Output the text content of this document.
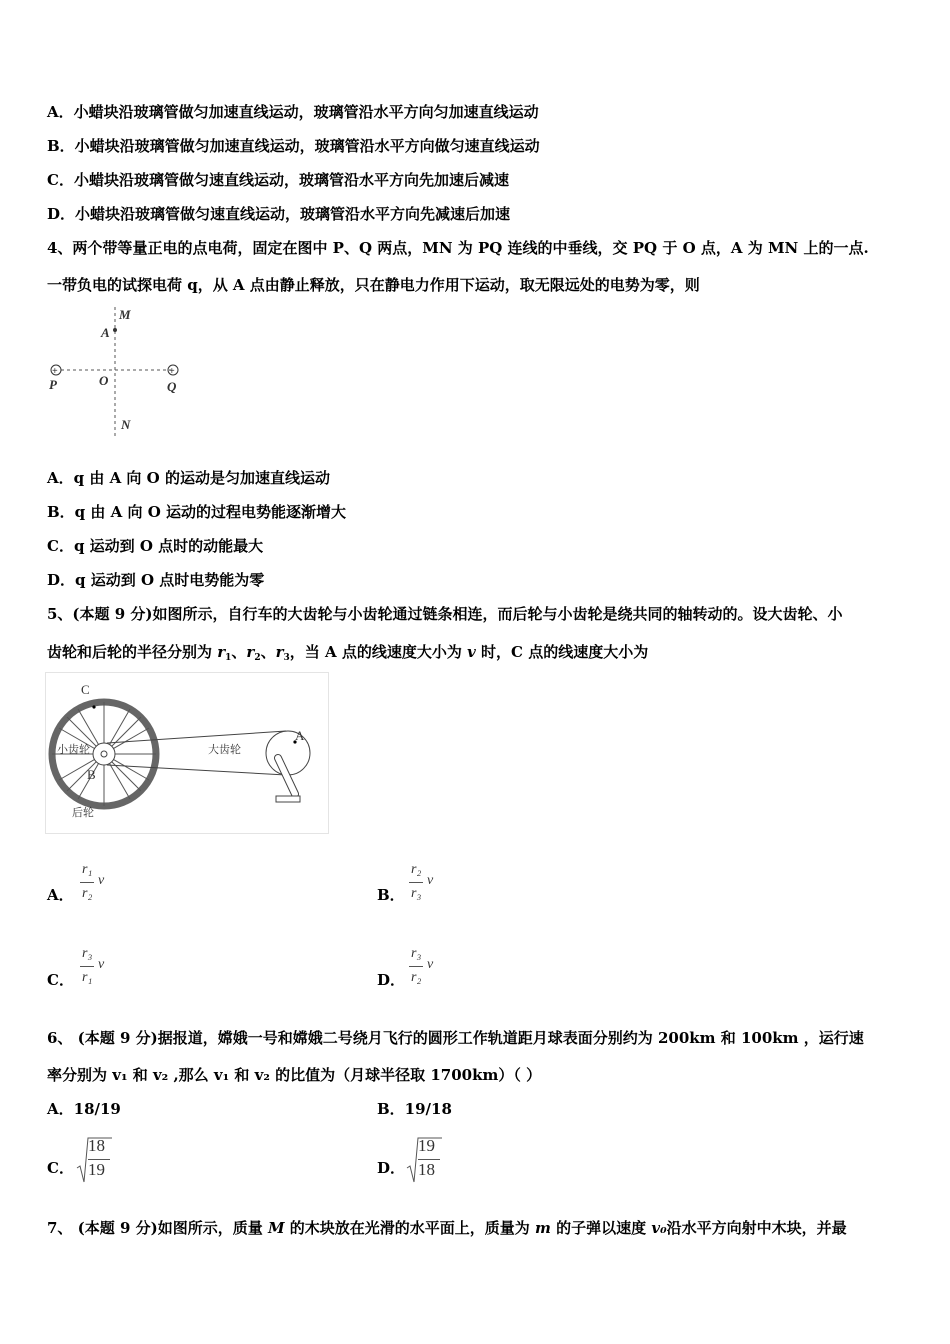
A．小蜡块沿玻璃管做匀加速直线运动，玻璃管沿水平方向匀加速直线运动
B．小蜡块沿玻璃管做匀加速直线运动，玻璃管沿水平方向做匀速直线运动
C．小蜡块沿玻璃管做匀速直线运动，玻璃管沿水平方向先加速后减速
D．小蜡块沿玻璃管做匀速直线运动，玻璃管沿水平方向先减速后加速
4、两个带等量正电的点电荷，固定在图中 P、Q 两点，MN 为 PQ 连线的中垂线，交 PQ 于 O 点，A 为 MN 上的一点.
一带负电的试探电荷 q，从 A 点由静止释放，只在静电力作用下运动，取无限远处的电势为零，则
+	+
M
A
P	O	Q
N
A．q 由 A 向 O 的运动是匀加速直线运动
B．q 由 A 向 O 运动的过程电势能逐渐增大
C．q 运动到 O 点时的动能最大
D．q 运动到 O 点时电势能为零
5、(本题 9 分)如图所示，自行车的大齿轮与小齿轮通过链条相连，而后轮与小齿轮是绕共同的轴转动的。设大齿轮、小
齿轮和后轮的半径分别为 $r_1$、$r_2$、$r_3$，当 A 点的线速度大小为 v 时，C 点的线速度大小为
C
A
B
小齿轮	大齿轮
后轮
A．
r₁
r₂
v
B．
r₂
r₃
v
C．
r₃
r₁
v
D．
r₃
r₂
v
6、 (本题 9 分)据报道，嫦娥一号和嫦娥二号绕月飞行的圆形工作轨道距月球表面分别约为 200km 和 100km ，运行速
率分别为 v₁ 和 v₂ ,那么 v₁ 和 v₂ 的比值为（月球半径取 1700km）（ ）
A．18/19	B．19/18
C．
18
19	D．
19
18
7、 (本题 9 分)如图所示，质量 M 的木块放在光滑的水平面上，质量为 m 的子弹以速度 v₀沿水平方向射中木块，并最
